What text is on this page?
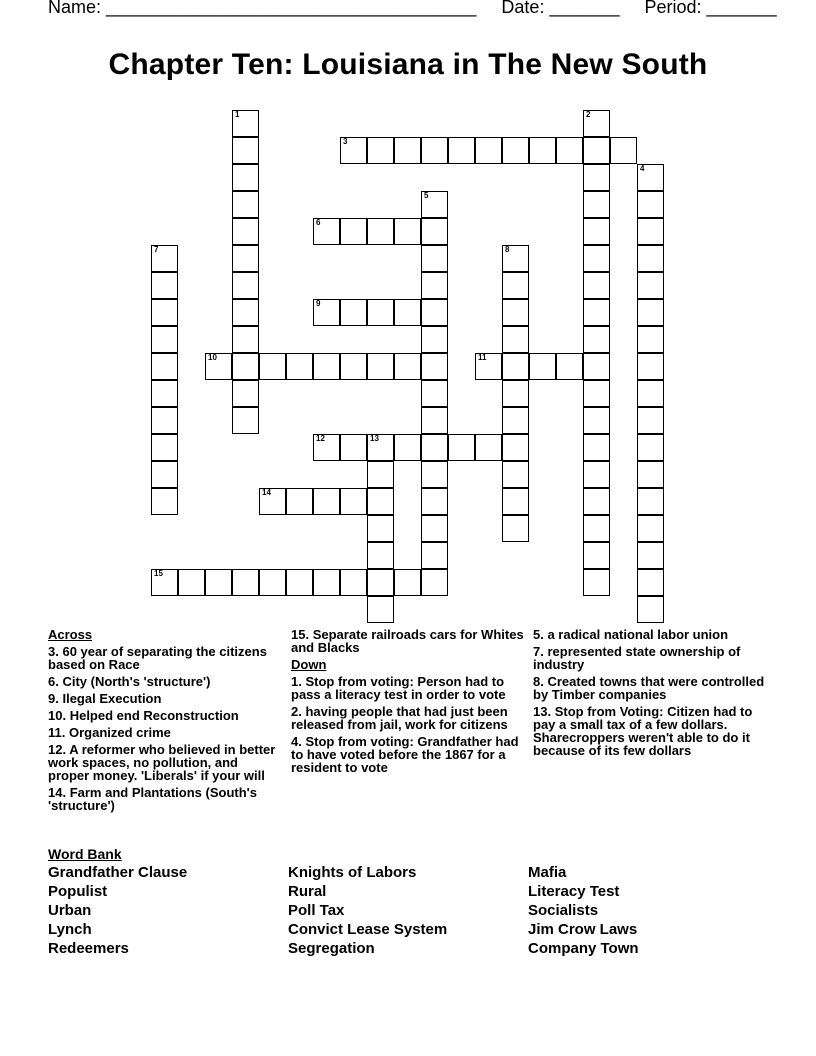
Name: _____________________________________     Date: _______     Period: _______
Chapter Ten: Louisiana in The New South
1	2
3
4
5
6
7	8
9
10	11
12	13
14
15
Across
3. 60 year of separating the citizens based on Race
6. City (North's 'structure')
9. Ilegal Execution
10. Helped end Reconstruction
11. Organized crime
12. A reformer who believed in better work spaces, no pollution, and proper money. 'Liberals' if your will
14. Farm and Plantations (South's 'structure')
15. Separate railroads cars for Whites and Blacks
Down
1. Stop from voting: Person had to pass a literacy test in order to vote
2. having people that had just been released from jail, work for citizens
4. Stop from voting: Grandfather had to have voted before the 1867 for a resident to vote
5. a radical national labor union
7. represented state ownership of industry
8. Created towns that were controlled by Timber companies
13. Stop from Voting: Citizen had to pay a small tax of a few dollars. Sharecroppers weren't able to do it because of its few dollars
Word Bank
Grandfather Clause
Populist
Urban
Lynch
Redeemers
Knights of Labors
Rural
Poll Tax
Convict Lease System
Segregation
Mafia
Literacy Test
Socialists
Jim Crow Laws
Company Town
